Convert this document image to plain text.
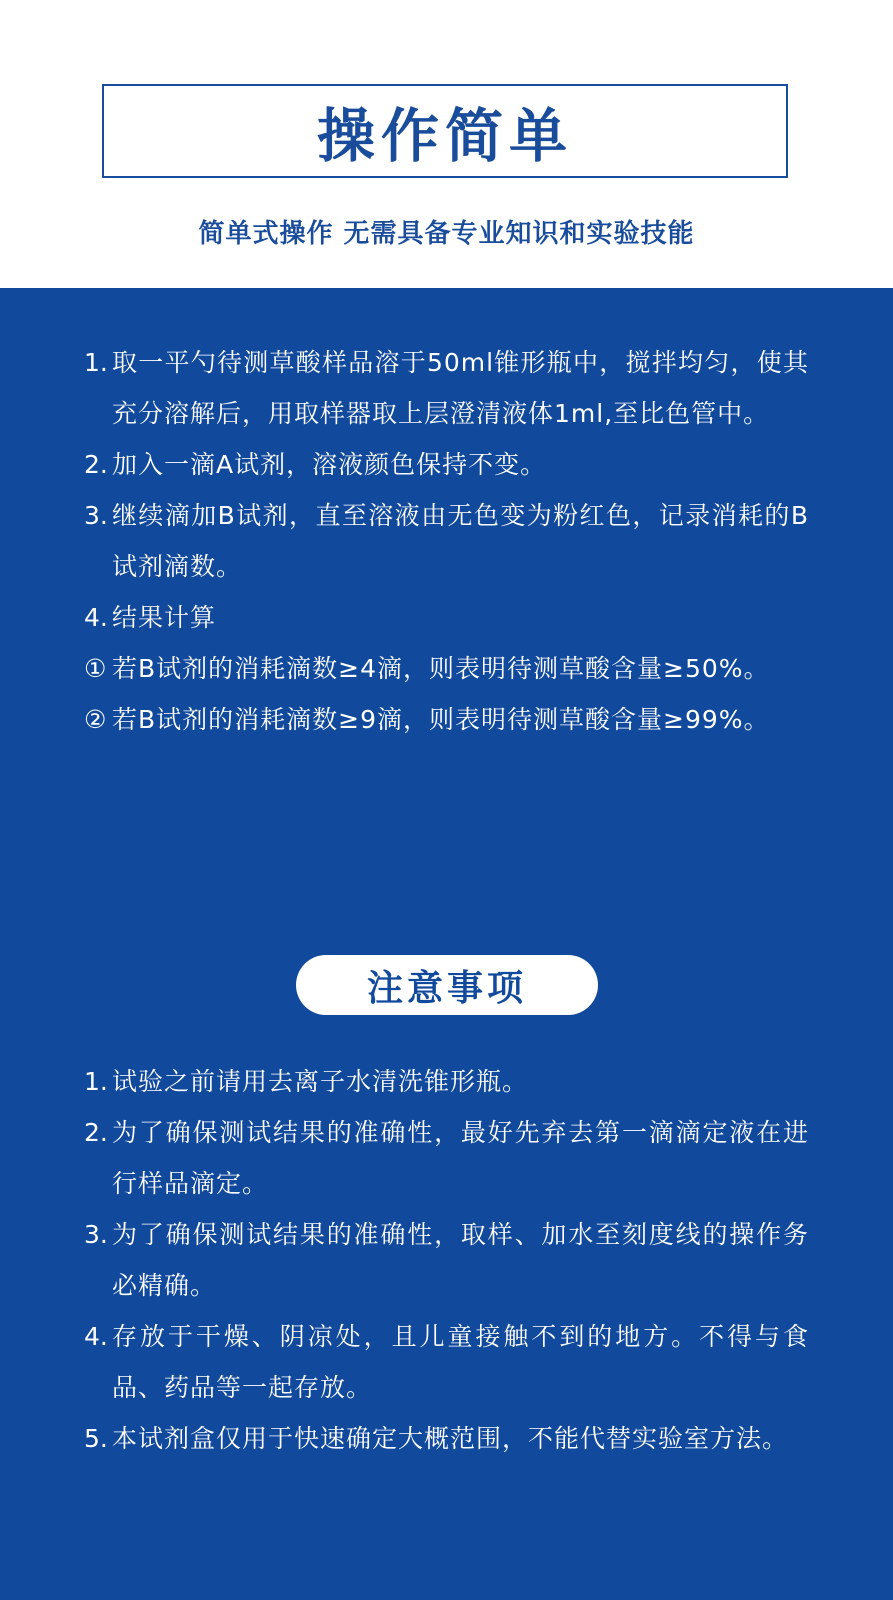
操作简单
简单式操作 无需具备专业知识和实验技能
1. 取一平勺待测草酸样品溶于50ml锥形瓶中，搅拌均匀，使其充分溶解后，用取样器取上层澄清液体1ml,至比色管中。
2. 加入一滴A试剂，溶液颜色保持不变。
3. 继续滴加B试剂，直至溶液由无色变为粉红色，记录消耗的B试剂滴数。
4. 结果计算
① 若B试剂的消耗滴数≥4滴，则表明待测草酸含量≥50%。
② 若B试剂的消耗滴数≥9滴，则表明待测草酸含量≥99%。
注意事项
1. 试验之前请用去离子水清洗锥形瓶。
2. 为了确保测试结果的准确性，最好先弃去第一滴滴定液在进行样品滴定。
3. 为了确保测试结果的准确性，取样、加水至刻度线的操作务必精确。
4. 存放于干燥、阴凉处，且儿童接触不到的地方。不得与食品、药品等一起存放。
5. 本试剂盒仅用于快速确定大概范围，不能代替实验室方法。
